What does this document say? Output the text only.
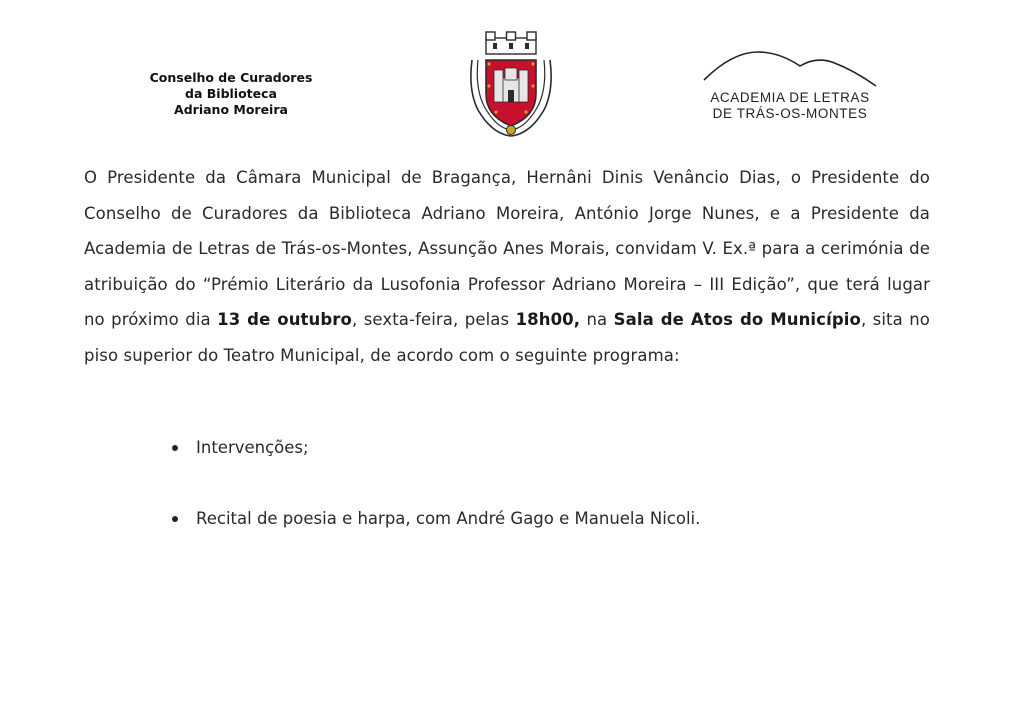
Conselho de Curadores
da Biblioteca
Adriano Moreira
ACADEMIA DE LETRAS
DE TRÁS-OS-MONTES
O Presidente da Câmara Municipal de Bragança, Hernâni Dinis Venâncio Dias, o Presidente do Conselho de Curadores da Biblioteca Adriano Moreira, António Jorge Nunes, e a Presidente da Academia de Letras de Trás-os-Montes, Assunção Anes Morais, convidam V. Ex.ª para a cerimónia de atribuição do “Prémio Literário da Lusofonia Professor Adriano Moreira – III Edição”, que terá lugar no próximo dia 13 de outubro, sexta-feira, pelas 18h00, na Sala de Atos do Município, sita no piso superior do Teatro Municipal, de acordo com o seguinte programa:
Intervenções;
Recital de poesia e harpa, com André Gago e Manuela Nicoli.
